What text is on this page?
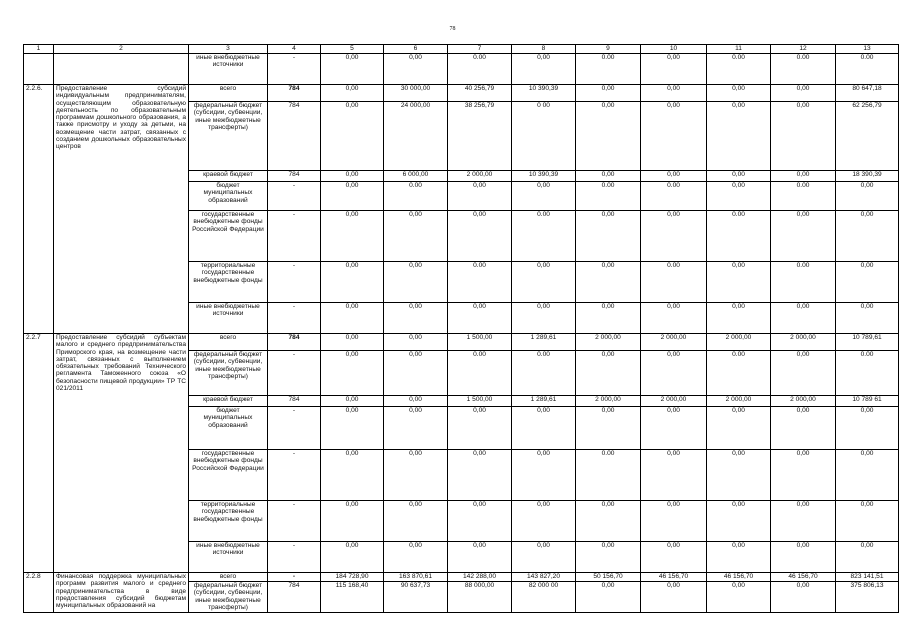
78
1	2	3	4	5	6	7	8	9	10	11	12	13
		иные внебюджетные источники	-	0,00	0,00	0.00	0,00	0.00	0,00	0.00	0.00	0.00
2.2.6.	Предоставление субсидий индивидуальным предпринимателям, осуществляющим образовательную деятельность по образовательным программам дошкольного образования, а также присмотру и уходу за детьми, на возмещение части затрат, связанных с созданием дошкольных образовательных центров	всего	784	0,00	30 000,00	40 256,79	10 390,39	0,00	0,00	0,00	0,00	80 647,18
		федеральный бюджет (субсидии, субвенции, иные межбюджетные трансферты)	784	0,00	24 000,00	38 256,79	0 00	0,00	0,00	0,00	0,00	62 256,79
		краевой бюджет	784	0,00	6 000,00	2 000,00	10 390,39	0,00	0,00	0,00	0,00	18 390,39
		бюджет муниципальных образований	-	0,00	0.00	0,00	0,00	0.00	0.00	0,00	0.00	0,00
		государственные внебюджетные фонды Российской Федерации	-	0,00	0,00	0,00	0.00	0,00	0,00	0.00	0,00	0,00
		территориальные государственные внебюджетные фонды	-	0,00	0,00	0.00	0,00	0,00	0.00	0,00	0.00	0,00
		иные внебюджетные источники	-	0,00	0,00	0,00	0,00	0,00	0,00	0,00	0,00	0,00
2.2.7	Предоставление субсидий субъектам малого и среднего предпринимательства Приморского края, на возмещение части затрат, связанных с выполнением обязательных требований Технического регламента Таможенного союза «О безопасности пищевой продукции» ТР ТС 021/2011	всего	784	0,00	0,00	1 500,00	1 289,61	2 000,00	2 000,00	2 000,00	2 000,00	10 789,61
		федеральный бюджет (субсидии, субвенции, иные межбюджетные трансферты)	-	0,00	0,00	0.00	0.00	0,00	0,00	0.00	0,00	0.00
		краевой бюджет	784	0,00	0,00	1 500,00	1 289,61	2 000,00	2 000,00	2 000,00	2 000,00	10 789 61
		бюджет муниципальных образований	-	0,00	0,00	0,00	0,00	0,00	0,00	0,00	0,00	0,00
		государственные внебюджетные фонды Российской Федерации	-	0,00	0,00	0,00	0,00	0.00	0,00	0,00	0,00	0,00
		территориальные государственные внебюджетные фонды	-	0,00	0,00	0,00	0,00	0,00	0,00	0,00	0,00	0,00
		иные внебюджетные источники	-	0,00	0,00	0,00	0,00	0,00	0,00	0,00	0,00	0,00
2.2.8	Финансовая поддержка муниципальных программ развития малого и среднего предпринимательства в виде предоставления субсидий бюджетам муниципальных образований на	всего	-	184 728,90	163 870,61	142 288,00	143 827,20	50 156,70	46 156,70	46 156,70	46 156,70	823 141,51
		федеральный бюджет (субсидии, субвенции, иные межбюджетные трансферты)	784	115 168,40	90 637,73	88 000,00	82 000 00	0,00	0,00	0,00	0,00	375 806,13
